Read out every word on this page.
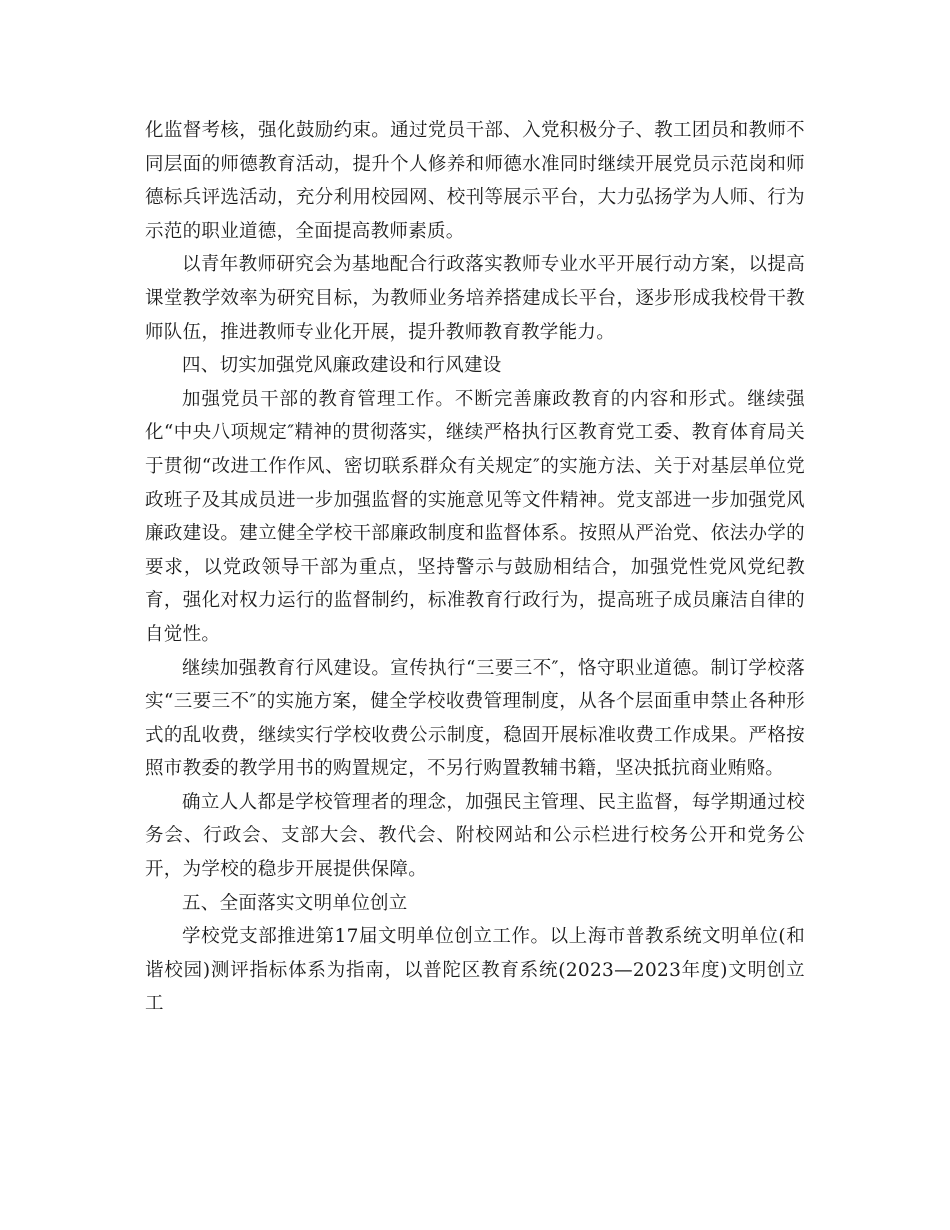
化监督考核，强化鼓励约束。通过党员干部、入党积极分子、教工团员和教师不同层面的师德教育活动，提升个人修养和师德水准同时继续开展党员示范岗和师德标兵评选活动，充分利用校园网、校刊等展示平台，大力弘扬学为人师、行为示范的职业道德，全面提高教师素质。

以青年教师研究会为基地配合行政落实教师专业水平开展行动方案，以提高课堂教学效率为研究目标，为教师业务培养搭建成长平台，逐步形成我校骨干教师队伍，推进教师专业化开展，提升教师教育教学能力。

四、切实加强党风廉政建设和行风建设

加强党员干部的教育管理工作。不断完善廉政教育的内容和形式。继续强化“中央八项规定″精神的贯彻落实，继续严格执行区教育党工委、教育体育局关于贯彻“改进工作作风、密切联系群众有关规定″的实施方法、关于对基层单位党政班子及其成员进一步加强监督的实施意见等文件精神。党支部进一步加强党风廉政建设。建立健全学校干部廉政制度和监督体系。按照从严治党、依法办学的要求，以党政领导干部为重点，坚持警示与鼓励相结合，加强党性党风党纪教育，强化对权力运行的监督制约，标准教育行政行为，提高班子成员廉洁自律的自觉性。

继续加强教育行风建设。宣传执行“三要三不″，恪守职业道德。制订学校落实“三要三不″的实施方案，健全学校收费管理制度，从各个层面重申禁止各种形式的乱收费，继续实行学校收费公示制度，稳固开展标准收费工作成果。严格按照市教委的教学用书的购置规定，不另行购置教辅书籍，坚决抵抗商业贿赂。

确立人人都是学校管理者的理念，加强民主管理、民主监督，每学期通过校务会、行政会、支部大会、教代会、附校网站和公示栏进行校务公开和党务公开，为学校的稳步开展提供保障。

五、全面落实文明单位创立

学校党支部推进第17届文明单位创立工作。以上海市普教系统文明单位(和谐校园)测评指标体系为指南，以普陀区教育系统(2023—2023年度)文明创立工
